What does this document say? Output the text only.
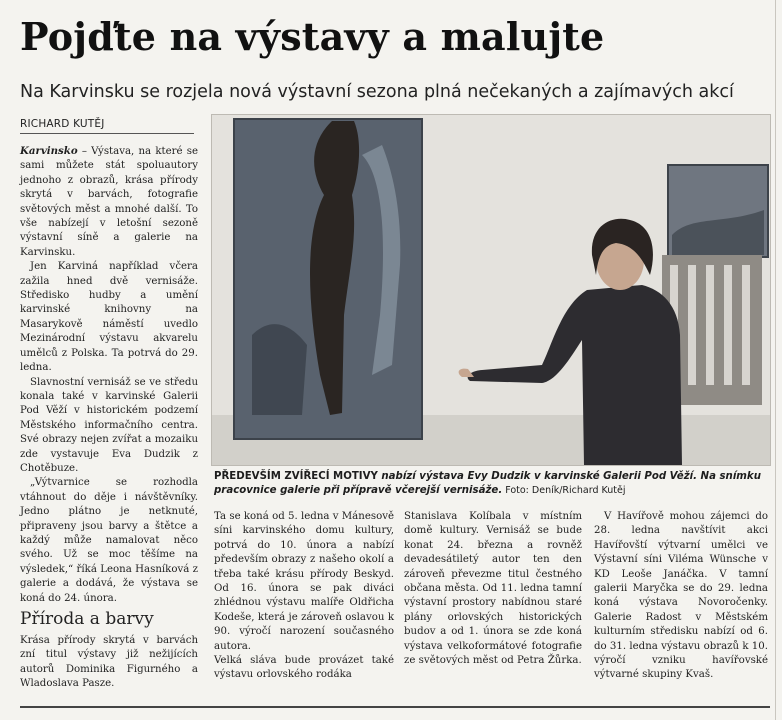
Pojďte na výstavy a malujte
Na Karvinsku se rozjela nová výstavní sezona plná nečekaných a zajímavých akcí
RICHARD KUTĚJ

Karvinsko – Výstava, na které se sami můžete stát spoluautory jednoho z obrazů, krása přírody skrytá v barvách, fotografie světových měst a mnohé další. To vše nabízejí v letošní sezoně výstavní síně a galerie na Karvinsku.

Jen Karviná například včera zažila hned dvě vernisáže. Středisko hudby a umění karvinské knihovny na Masarykově náměstí uvedlo Mezinárodní výstavu akvarelu umělců z Polska. Ta potrvá do 29. ledna.

Slavnostní vernisáž se ve středu konala také v karvinské Galerii Pod Věží v historickém podzemí Městského informačního centra. Své obrazy nejen zvířat a mozaiku zde vystavuje Eva Dudzik z Chotěbuze.

„Výtvarnice se rozhodla vtáhnout do děje i návštěvníky. Jedno plátno je netknuté, připraveny jsou barvy a štětce a každý může namalovat něco svého. Už se moc těšíme na výsledek,“ říká Leona Hasníková z galerie a dodává, že výstava se koná do 24. února.

Příroda a barvy

Krása přírody skrytá v barvách zní titul výstavy již nežijících autorů Dominika Figurného a Wladoslava Pasze.

PŘEDEVŠÍM ZVÍŘECÍ MOTIVY nabízí výstava Evy Dudzik v karvinské Galerii Pod Věží. Na snímku pracovnice galerie při přípravě včerejší vernisáže. Foto: Deník/Richard Kutěj

Ta se koná od 5. ledna v Mánesově síni karvinského domu kultury, potrvá do 10. února a nabízí především obrazy z našeho okolí a třeba také krásu přírody Beskyd. Od 16. února se pak diváci zhlédnou výstavu malíře Oldřicha Kodeše, která je zároveň oslavou k 90. výročí narození současného autora.

Velká sláva bude provázet také výstavu orlovského rodáka

Stanislava Kolíbala v místním domě kultury. Vernisáž se bude konat 24. března a rovněž devadesátiletý autor ten den zároveň převezme titul čestného občana města. Od 11. ledna tamní výstavní prostory nabídnou staré plány orlovských historických budov a od 1. února se zde koná výstava velkoformátové fotografie ze světových měst od Petra Žůrka.

V Havířově mohou zájemci do 28. ledna navštívit akci Havířovští výtvarní umělci ve Výstavní síni Viléma Wünsche v KD Leoše Janáčka. V tamní galerii Maryčka se do 29. ledna koná výstava Novoročenky. Galerie Radost v Městském kulturním středisku nabízí od 6. do 31. ledna výstavu obrazů k 10. výročí vzniku havířovské výtvarné skupiny Kvaš.
